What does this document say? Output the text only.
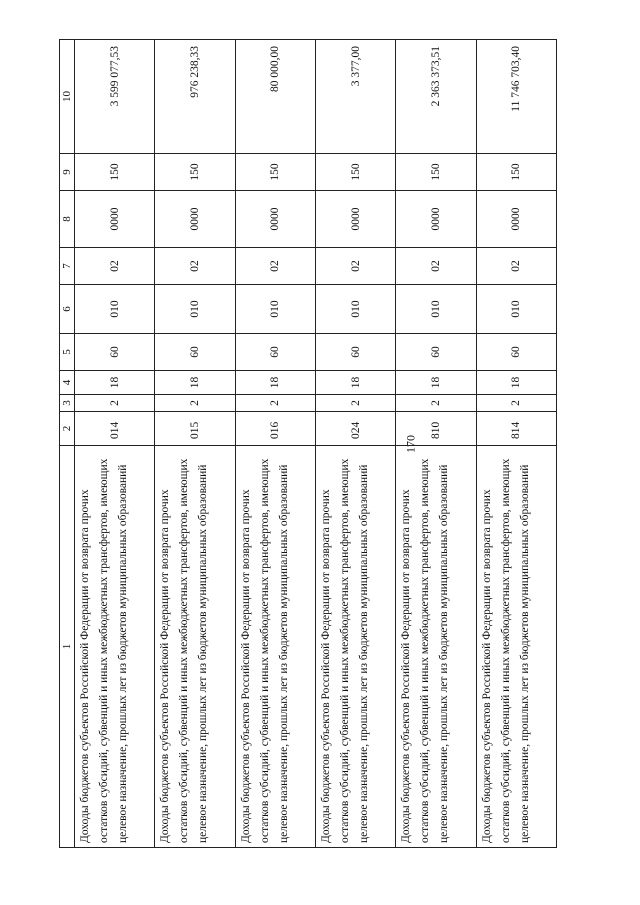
170
1	2	3	4	5	6	7	8	9	10
Доходы бюджетов субъектов Российской Федерации от возврата прочих остатков субсидий, субвенций и иных межбюджетных трансфертов, имеющих целевое назначение, прошлых лет из бюджетов муниципальных образований	014	2	18	60	010	02	0000	150	3 599 077,53
Доходы бюджетов субъектов Российской Федерации от возврата прочих остатков субсидий, субвенций и иных межбюджетных трансфертов, имеющих целевое назначение, прошлых лет из бюджетов муниципальных образований	015	2	18	60	010	02	0000	150	976 238,33
Доходы бюджетов субъектов Российской Федерации от возврата прочих остатков субсидий, субвенций и иных межбюджетных трансфертов, имеющих целевое назначение, прошлых лет из бюджетов муниципальных образований	016	2	18	60	010	02	0000	150	80 000,00
Доходы бюджетов субъектов Российской Федерации от возврата прочих остатков субсидий, субвенций и иных межбюджетных трансфертов, имеющих целевое назначение, прошлых лет из бюджетов муниципальных образований	024	2	18	60	010	02	0000	150	3 377,00
Доходы бюджетов субъектов Российской Федерации от возврата прочих остатков субсидий, субвенций и иных межбюджетных трансфертов, имеющих целевое назначение, прошлых лет из бюджетов муниципальных образований	810	2	18	60	010	02	0000	150	2 363 373,51
Доходы бюджетов субъектов Российской Федерации от возврата прочих остатков субсидий, субвенций и иных межбюджетных трансфертов, имеющих целевое назначение, прошлых лет из бюджетов муниципальных образований	814	2	18	60	010	02	0000	150	11 746 703,40
